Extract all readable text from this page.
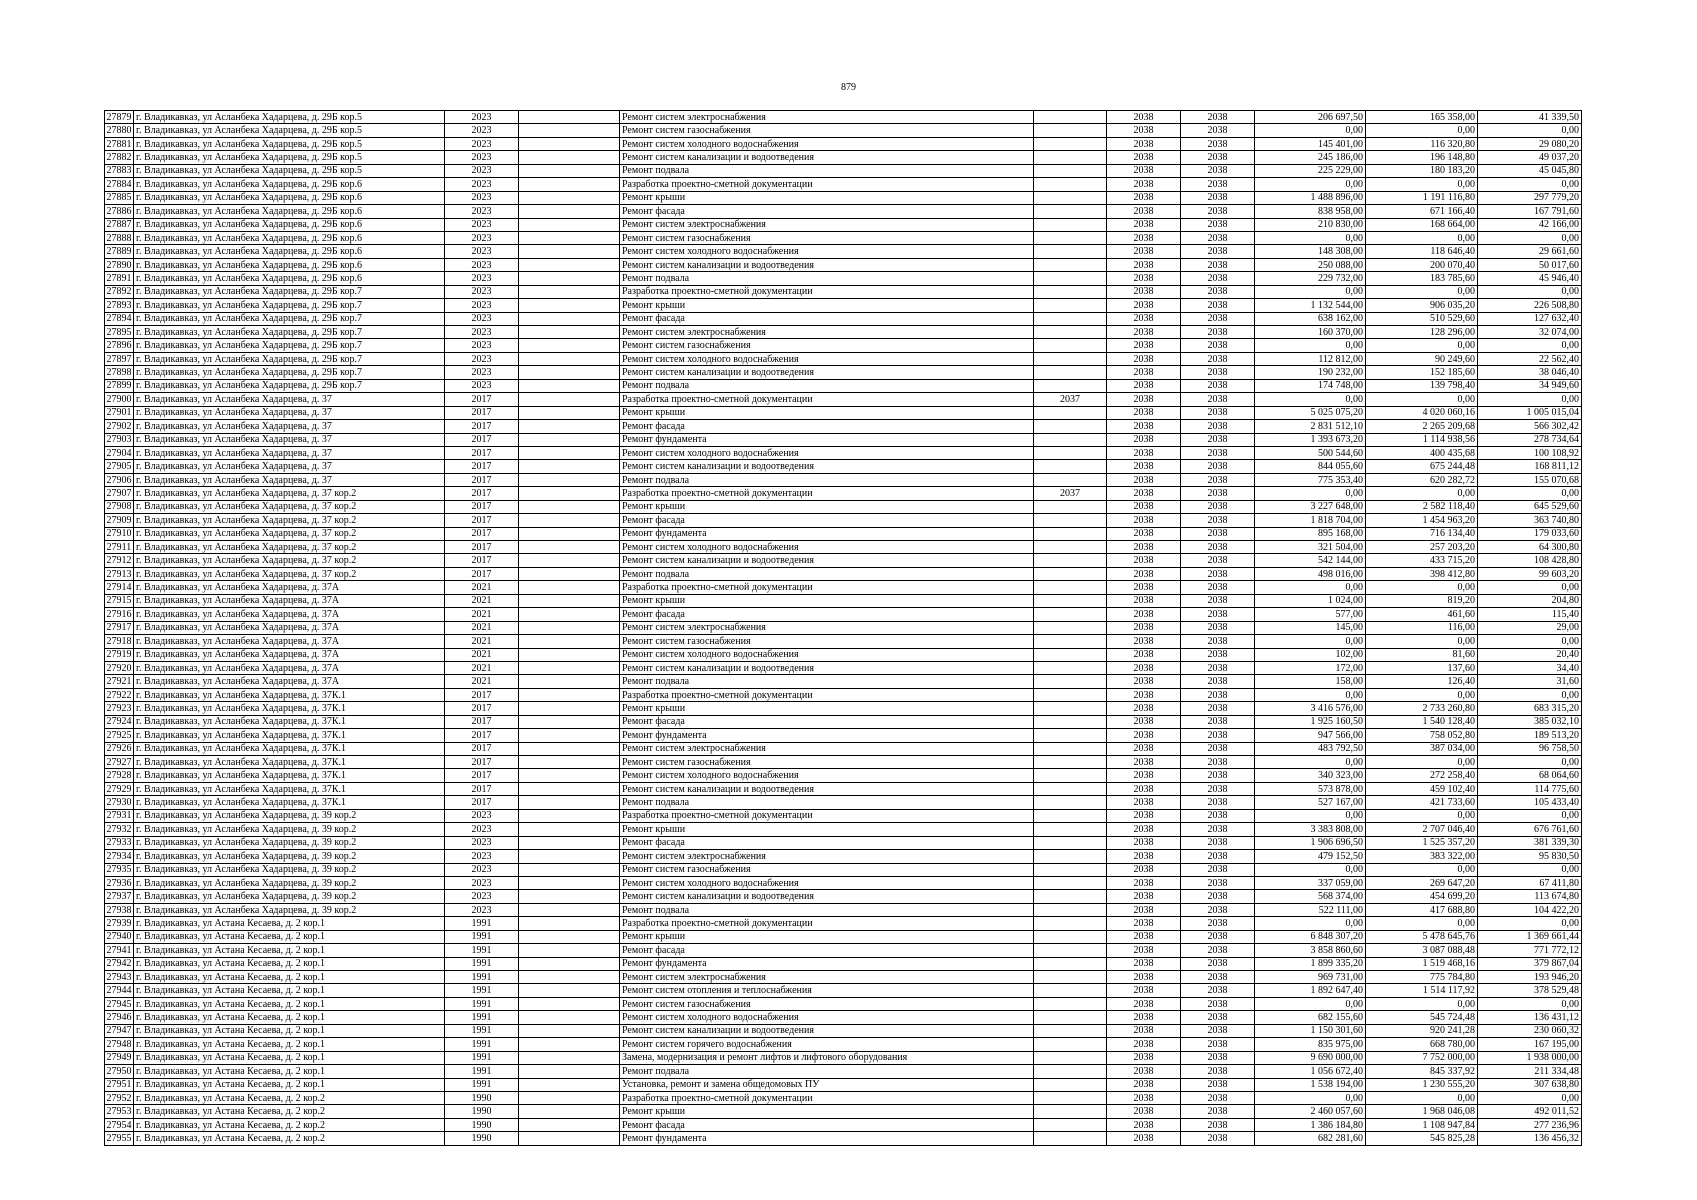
879
27879	г. Владикавказ, ул Асланбека Хадарцева, д. 29Б кор.5	2023		Ремонт систем электроснабжения		2038	2038	206 697,50	165 358,00	41 339,50
27880	г. Владикавказ, ул Асланбека Хадарцева, д. 29Б кор.5	2023		Ремонт систем газоснабжения		2038	2038	0,00	0,00	0,00
27881	г. Владикавказ, ул Асланбека Хадарцева, д. 29Б кор.5	2023		Ремонт систем холодного водоснабжения		2038	2038	145 401,00	116 320,80	29 080,20
27882	г. Владикавказ, ул Асланбека Хадарцева, д. 29Б кор.5	2023		Ремонт систем канализации и водоотведения		2038	2038	245 186,00	196 148,80	49 037,20
27883	г. Владикавказ, ул Асланбека Хадарцева, д. 29Б кор.5	2023		Ремонт подвала		2038	2038	225 229,00	180 183,20	45 045,80
27884	г. Владикавказ, ул Асланбека Хадарцева, д. 29Б кор.6	2023		Разработка проектно-сметной документации		2038	2038	0,00	0,00	0,00
27885	г. Владикавказ, ул Асланбека Хадарцева, д. 29Б кор.6	2023		Ремонт крыши		2038	2038	1 488 896,00	1 191 116,80	297 779,20
27886	г. Владикавказ, ул Асланбека Хадарцева, д. 29Б кор.6	2023		Ремонт фасада		2038	2038	838 958,00	671 166,40	167 791,60
27887	г. Владикавказ, ул Асланбека Хадарцева, д. 29Б кор.6	2023		Ремонт систем электроснабжения		2038	2038	210 830,00	168 664,00	42 166,00
27888	г. Владикавказ, ул Асланбека Хадарцева, д. 29Б кор.6	2023		Ремонт систем газоснабжения		2038	2038	0,00	0,00	0,00
27889	г. Владикавказ, ул Асланбека Хадарцева, д. 29Б кор.6	2023		Ремонт систем холодного водоснабжения		2038	2038	148 308,00	118 646,40	29 661,60
27890	г. Владикавказ, ул Асланбека Хадарцева, д. 29Б кор.6	2023		Ремонт систем канализации и водоотведения		2038	2038	250 088,00	200 070,40	50 017,60
27891	г. Владикавказ, ул Асланбека Хадарцева, д. 29Б кор.6	2023		Ремонт подвала		2038	2038	229 732,00	183 785,60	45 946,40
27892	г. Владикавказ, ул Асланбека Хадарцева, д. 29Б кор.7	2023		Разработка проектно-сметной документации		2038	2038	0,00	0,00	0,00
27893	г. Владикавказ, ул Асланбека Хадарцева, д. 29Б кор.7	2023		Ремонт крыши		2038	2038	1 132 544,00	906 035,20	226 508,80
27894	г. Владикавказ, ул Асланбека Хадарцева, д. 29Б кор.7	2023		Ремонт фасада		2038	2038	638 162,00	510 529,60	127 632,40
27895	г. Владикавказ, ул Асланбека Хадарцева, д. 29Б кор.7	2023		Ремонт систем электроснабжения		2038	2038	160 370,00	128 296,00	32 074,00
27896	г. Владикавказ, ул Асланбека Хадарцева, д. 29Б кор.7	2023		Ремонт систем газоснабжения		2038	2038	0,00	0,00	0,00
27897	г. Владикавказ, ул Асланбека Хадарцева, д. 29Б кор.7	2023		Ремонт систем холодного водоснабжения		2038	2038	112 812,00	90 249,60	22 562,40
27898	г. Владикавказ, ул Асланбека Хадарцева, д. 29Б кор.7	2023		Ремонт систем канализации и водоотведения		2038	2038	190 232,00	152 185,60	38 046,40
27899	г. Владикавказ, ул Асланбека Хадарцева, д. 29Б кор.7	2023		Ремонт подвала		2038	2038	174 748,00	139 798,40	34 949,60
27900	г. Владикавказ, ул Асланбека Хадарцева, д. 37	2017		Разработка проектно-сметной документации	2037	2038	2038	0,00	0,00	0,00
27901	г. Владикавказ, ул Асланбека Хадарцева, д. 37	2017		Ремонт крыши		2038	2038	5 025 075,20	4 020 060,16	1 005 015,04
27902	г. Владикавказ, ул Асланбека Хадарцева, д. 37	2017		Ремонт фасада		2038	2038	2 831 512,10	2 265 209,68	566 302,42
27903	г. Владикавказ, ул Асланбека Хадарцева, д. 37	2017		Ремонт фундамента		2038	2038	1 393 673,20	1 114 938,56	278 734,64
27904	г. Владикавказ, ул Асланбека Хадарцева, д. 37	2017		Ремонт систем холодного водоснабжения		2038	2038	500 544,60	400 435,68	100 108,92
27905	г. Владикавказ, ул Асланбека Хадарцева, д. 37	2017		Ремонт систем канализации и водоотведения		2038	2038	844 055,60	675 244,48	168 811,12
27906	г. Владикавказ, ул Асланбека Хадарцева, д. 37	2017		Ремонт подвала		2038	2038	775 353,40	620 282,72	155 070,68
27907	г. Владикавказ, ул Асланбека Хадарцева, д. 37 кор.2	2017		Разработка проектно-сметной документации	2037	2038	2038	0,00	0,00	0,00
27908	г. Владикавказ, ул Асланбека Хадарцева, д. 37 кор.2	2017		Ремонт крыши		2038	2038	3 227 648,00	2 582 118,40	645 529,60
27909	г. Владикавказ, ул Асланбека Хадарцева, д. 37 кор.2	2017		Ремонт фасада		2038	2038	1 818 704,00	1 454 963,20	363 740,80
27910	г. Владикавказ, ул Асланбека Хадарцева, д. 37 кор.2	2017		Ремонт фундамента		2038	2038	895 168,00	716 134,40	179 033,60
27911	г. Владикавказ, ул Асланбека Хадарцева, д. 37 кор.2	2017		Ремонт систем холодного водоснабжения		2038	2038	321 504,00	257 203,20	64 300,80
27912	г. Владикавказ, ул Асланбека Хадарцева, д. 37 кор.2	2017		Ремонт систем канализации и водоотведения		2038	2038	542 144,00	433 715,20	108 428,80
27913	г. Владикавказ, ул Асланбека Хадарцева, д. 37 кор.2	2017		Ремонт подвала		2038	2038	498 016,00	398 412,80	99 603,20
27914	г. Владикавказ, ул Асланбека Хадарцева, д. 37А	2021		Разработка проектно-сметной документации		2038	2038	0,00	0,00	0,00
27915	г. Владикавказ, ул Асланбека Хадарцева, д. 37А	2021		Ремонт крыши		2038	2038	1 024,00	819,20	204,80
27916	г. Владикавказ, ул Асланбека Хадарцева, д. 37А	2021		Ремонт фасада		2038	2038	577,00	461,60	115,40
27917	г. Владикавказ, ул Асланбека Хадарцева, д. 37А	2021		Ремонт систем электроснабжения		2038	2038	145,00	116,00	29,00
27918	г. Владикавказ, ул Асланбека Хадарцева, д. 37А	2021		Ремонт систем газоснабжения		2038	2038	0,00	0,00	0,00
27919	г. Владикавказ, ул Асланбека Хадарцева, д. 37А	2021		Ремонт систем холодного водоснабжения		2038	2038	102,00	81,60	20,40
27920	г. Владикавказ, ул Асланбека Хадарцева, д. 37А	2021		Ремонт систем канализации и водоотведения		2038	2038	172,00	137,60	34,40
27921	г. Владикавказ, ул Асланбека Хадарцева, д. 37А	2021		Ремонт подвала		2038	2038	158,00	126,40	31,60
27922	г. Владикавказ, ул Асланбека Хадарцева, д. 37К.1	2017		Разработка проектно-сметной документации		2038	2038	0,00	0,00	0,00
27923	г. Владикавказ, ул Асланбека Хадарцева, д. 37К.1	2017		Ремонт крыши		2038	2038	3 416 576,00	2 733 260,80	683 315,20
27924	г. Владикавказ, ул Асланбека Хадарцева, д. 37К.1	2017		Ремонт фасада		2038	2038	1 925 160,50	1 540 128,40	385 032,10
27925	г. Владикавказ, ул Асланбека Хадарцева, д. 37К.1	2017		Ремонт фундамента		2038	2038	947 566,00	758 052,80	189 513,20
27926	г. Владикавказ, ул Асланбека Хадарцева, д. 37К.1	2017		Ремонт систем электроснабжения		2038	2038	483 792,50	387 034,00	96 758,50
27927	г. Владикавказ, ул Асланбека Хадарцева, д. 37К.1	2017		Ремонт систем газоснабжения		2038	2038	0,00	0,00	0,00
27928	г. Владикавказ, ул Асланбека Хадарцева, д. 37К.1	2017		Ремонт систем холодного водоснабжения		2038	2038	340 323,00	272 258,40	68 064,60
27929	г. Владикавказ, ул Асланбека Хадарцева, д. 37К.1	2017		Ремонт систем канализации и водоотведения		2038	2038	573 878,00	459 102,40	114 775,60
27930	г. Владикавказ, ул Асланбека Хадарцева, д. 37К.1	2017		Ремонт подвала		2038	2038	527 167,00	421 733,60	105 433,40
27931	г. Владикавказ, ул Асланбека Хадарцева, д. 39 кор.2	2023		Разработка проектно-сметной документации		2038	2038	0,00	0,00	0,00
27932	г. Владикавказ, ул Асланбека Хадарцева, д. 39 кор.2	2023		Ремонт крыши		2038	2038	3 383 808,00	2 707 046,40	676 761,60
27933	г. Владикавказ, ул Асланбека Хадарцева, д. 39 кор.2	2023		Ремонт фасада		2038	2038	1 906 696,50	1 525 357,20	381 339,30
27934	г. Владикавказ, ул Асланбека Хадарцева, д. 39 кор.2	2023		Ремонт систем электроснабжения		2038	2038	479 152,50	383 322,00	95 830,50
27935	г. Владикавказ, ул Асланбека Хадарцева, д. 39 кор.2	2023		Ремонт систем газоснабжения		2038	2038	0,00	0,00	0,00
27936	г. Владикавказ, ул Асланбека Хадарцева, д. 39 кор.2	2023		Ремонт систем холодного водоснабжения		2038	2038	337 059,00	269 647,20	67 411,80
27937	г. Владикавказ, ул Асланбека Хадарцева, д. 39 кор.2	2023		Ремонт систем канализации и водоотведения		2038	2038	568 374,00	454 699,20	113 674,80
27938	г. Владикавказ, ул Асланбека Хадарцева, д. 39 кор.2	2023		Ремонт подвала		2038	2038	522 111,00	417 688,80	104 422,20
27939	г. Владикавказ, ул Астана Кесаева, д. 2 кор.1	1991		Разработка проектно-сметной документации		2038	2038	0,00	0,00	0,00
27940	г. Владикавказ, ул Астана Кесаева, д. 2 кор.1	1991		Ремонт крыши		2038	2038	6 848 307,20	5 478 645,76	1 369 661,44
27941	г. Владикавказ, ул Астана Кесаева, д. 2 кор.1	1991		Ремонт фасада		2038	2038	3 858 860,60	3 087 088,48	771 772,12
27942	г. Владикавказ, ул Астана Кесаева, д. 2 кор.1	1991		Ремонт фундамента		2038	2038	1 899 335,20	1 519 468,16	379 867,04
27943	г. Владикавказ, ул Астана Кесаева, д. 2 кор.1	1991		Ремонт систем электроснабжения		2038	2038	969 731,00	775 784,80	193 946,20
27944	г. Владикавказ, ул Астана Кесаева, д. 2 кор.1	1991		Ремонт систем отопления и теплоснабжения		2038	2038	1 892 647,40	1 514 117,92	378 529,48
27945	г. Владикавказ, ул Астана Кесаева, д. 2 кор.1	1991		Ремонт систем газоснабжения		2038	2038	0,00	0,00	0,00
27946	г. Владикавказ, ул Астана Кесаева, д. 2 кор.1	1991		Ремонт систем холодного водоснабжения		2038	2038	682 155,60	545 724,48	136 431,12
27947	г. Владикавказ, ул Астана Кесаева, д. 2 кор.1	1991		Ремонт систем канализации и водоотведения		2038	2038	1 150 301,60	920 241,28	230 060,32
27948	г. Владикавказ, ул Астана Кесаева, д. 2 кор.1	1991		Ремонт систем горячего водоснабжения		2038	2038	835 975,00	668 780,00	167 195,00
27949	г. Владикавказ, ул Астана Кесаева, д. 2 кор.1	1991		Замена, модернизация и ремонт лифтов и лифтового оборудования		2038	2038	9 690 000,00	7 752 000,00	1 938 000,00
27950	г. Владикавказ, ул Астана Кесаева, д. 2 кор.1	1991		Ремонт подвала		2038	2038	1 056 672,40	845 337,92	211 334,48
27951	г. Владикавказ, ул Астана Кесаева, д. 2 кор.1	1991		Установка, ремонт и замена общедомовых ПУ		2038	2038	1 538 194,00	1 230 555,20	307 638,80
27952	г. Владикавказ, ул Астана Кесаева, д. 2 кор.2	1990		Разработка проектно-сметной документации		2038	2038	0,00	0,00	0,00
27953	г. Владикавказ, ул Астана Кесаева, д. 2 кор.2	1990		Ремонт крыши		2038	2038	2 460 057,60	1 968 046,08	492 011,52
27954	г. Владикавказ, ул Астана Кесаева, д. 2 кор.2	1990		Ремонт фасада		2038	2038	1 386 184,80	1 108 947,84	277 236,96
27955	г. Владикавказ, ул Астана Кесаева, д. 2 кор.2	1990		Ремонт фундамента		2038	2038	682 281,60	545 825,28	136 456,32
